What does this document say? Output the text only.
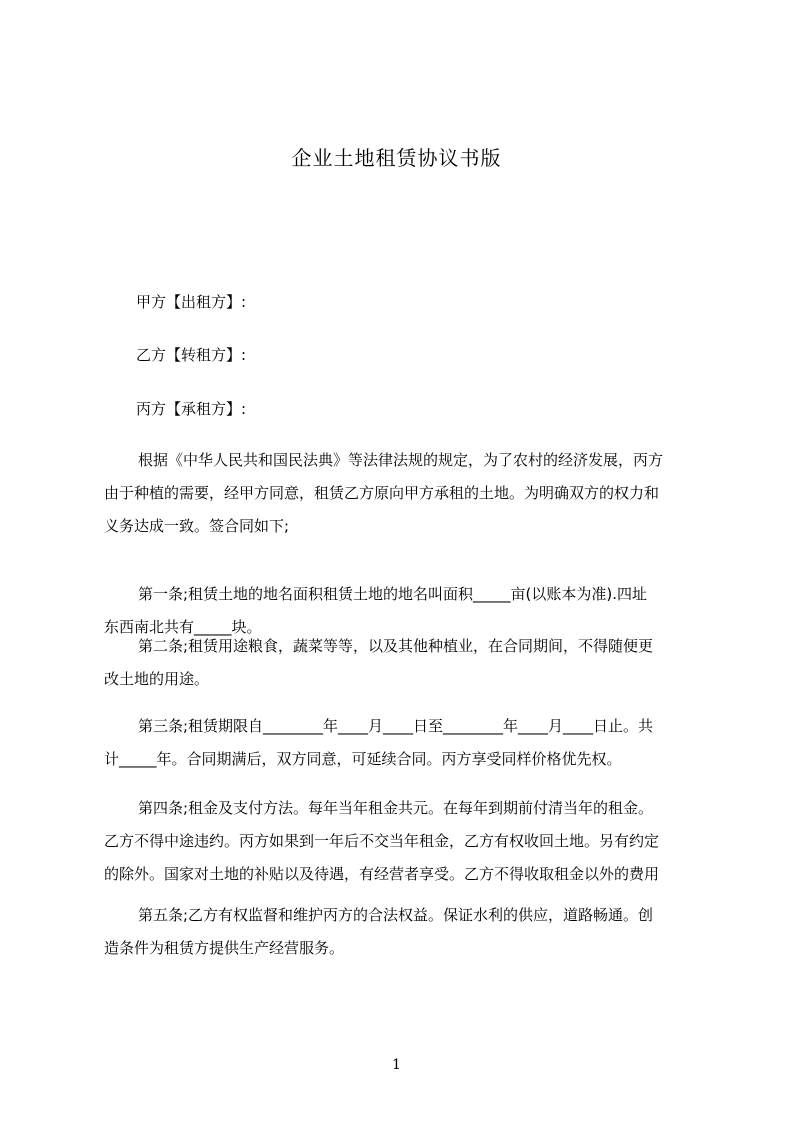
企业土地租赁协议书版
甲方【出租方】:
乙方【转租方】:
丙方【承租方】:
根据《中华人民共和国民法典》等法律法规的规定，为了农村的经济发展，丙方
由于种植的需要，经甲方同意，租赁乙方原向甲方承租的土地。为明确双方的权力和
义务达成一致。签合同如下;
第一条;租赁土地的地名面积租赁土地的地名叫面积_____亩(以账本为准).四址
东西南北共有_____块。
第二条;租赁用途粮食，蔬菜等等，以及其他种植业，在合同期间，不得随便更
改土地的用途。
第三条;租赁期限自________年____月____日至________年____月____日止。共
计_____年。合同期满后，双方同意，可延续合同。丙方享受同样价格优先权。
第四条;租金及支付方法。每年当年租金共元。在每年到期前付清当年的租金。
乙方不得中途违约。丙方如果到一年后不交当年租金，乙方有权收回土地。另有约定
的除外。国家对土地的补贴以及待遇，有经营者享受。乙方不得收取租金以外的费用
第五条;乙方有权监督和维护丙方的合法权益。保证水利的供应，道路畅通。创
造条件为租赁方提供生产经营服务。
1
